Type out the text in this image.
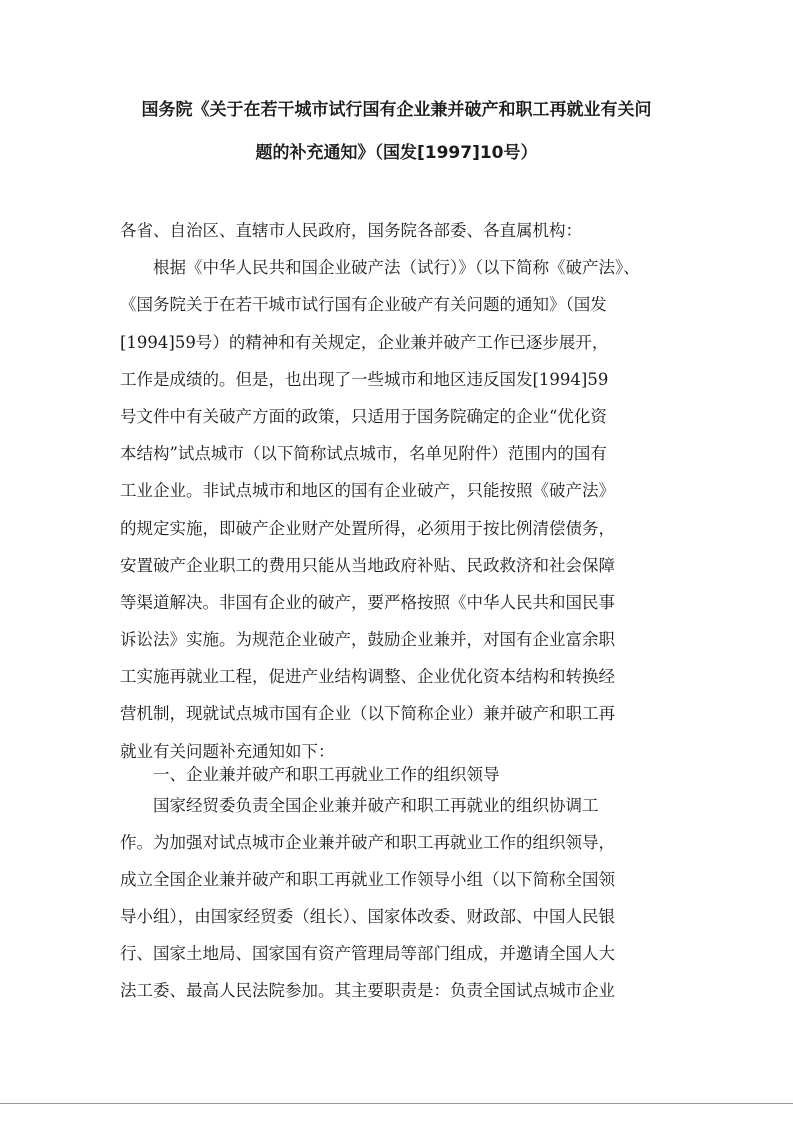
国务院《关于在若干城市试行国有企业兼并破产和职工再就业有关问
题的补充通知》（国发[1997]10号）
各省、自治区、直辖市人民政府，国务院各部委、各直属机构：
根据《中华人民共和国企业破产法（试行）》（以下简称《破产法》、
《国务院关于在若干城市试行国有企业破产有关问题的通知》（国发
[1994]59号）的精神和有关规定，企业兼并破产工作已逐步展开，
工作是成绩的。但是，也出现了一些城市和地区违反国发[1994]59
号文件中有关破产方面的政策，只适用于国务院确定的企业“优化资
本结构”试点城市（以下简称试点城市，名单见附件）范围内的国有
工业企业。非试点城市和地区的国有企业破产，只能按照《破产法》
的规定实施，即破产企业财产处置所得，必须用于按比例清偿债务，
安置破产企业职工的费用只能从当地政府补贴、民政救济和社会保障
等渠道解决。非国有企业的破产，要严格按照《中华人民共和国民事
诉讼法》实施。为规范企业破产，鼓励企业兼并，对国有企业富余职
工实施再就业工程，促进产业结构调整、企业优化资本结构和转换经
营机制，现就试点城市国有企业（以下简称企业）兼并破产和职工再
就业有关问题补充通知如下：
一、企业兼并破产和职工再就业工作的组织领导
国家经贸委负责全国企业兼并破产和职工再就业的组织协调工
作。为加强对试点城市企业兼并破产和职工再就业工作的组织领导，
成立全国企业兼并破产和职工再就业工作领导小组（以下简称全国领
导小组），由国家经贸委（组长）、国家体改委、财政部、中国人民银
行、国家土地局、国家国有资产管理局等部门组成，并邀请全国人大
法工委、最高人民法院参加。其主要职责是：负责全国试点城市企业
